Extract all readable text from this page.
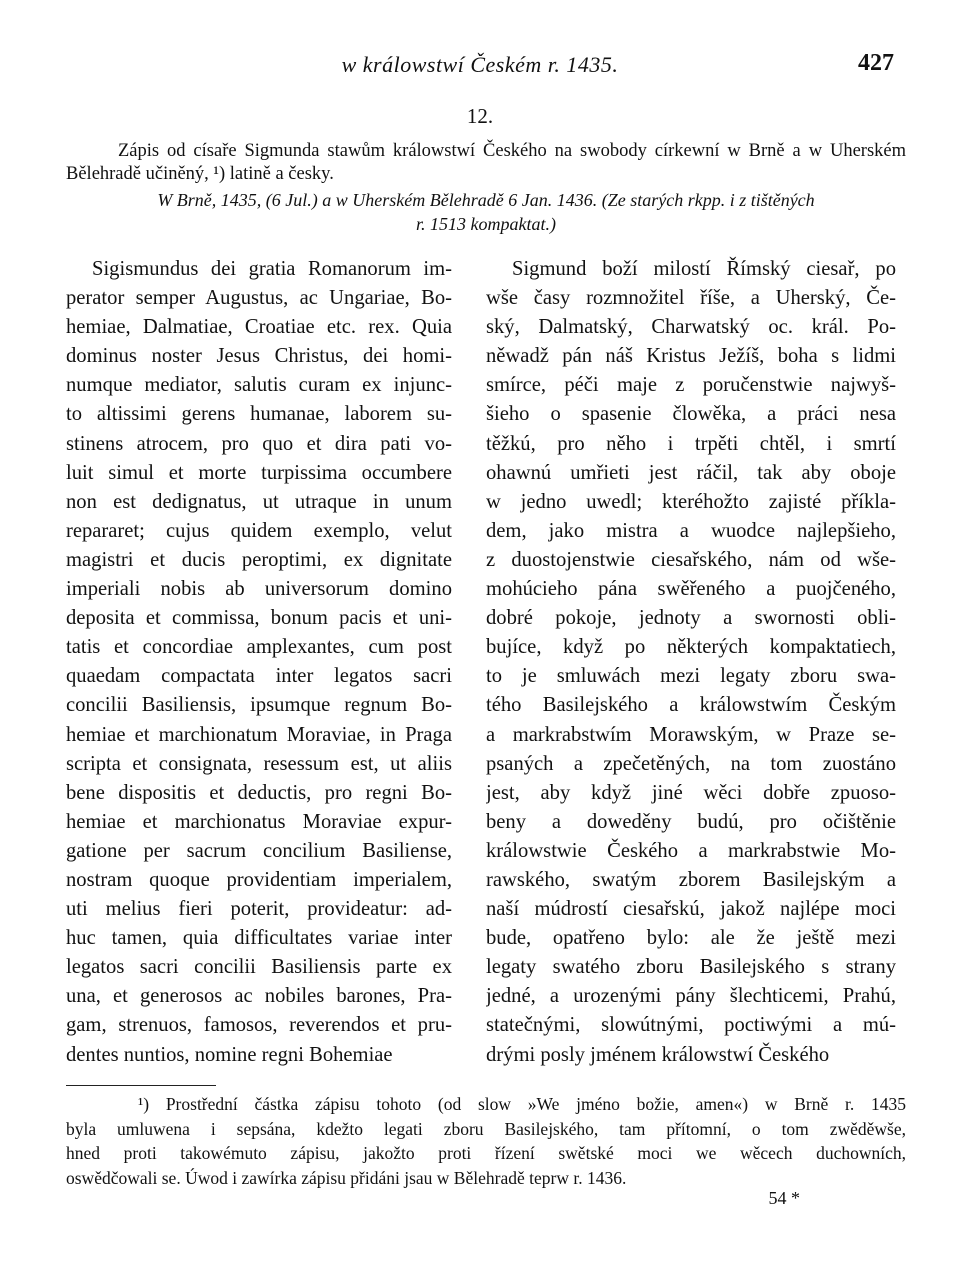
w králowstwí Českém r. 1435.	427
12.

Zápis od císaře Sigmunda stawům králowstwí Českého na swobody církewní w Brně a w Uherském Bělehradě učiněný, ¹) latině a česky.

W Brně, 1435, (6 Jul.) a w Uherském Bělehradě 6 Jan. 1436. (Ze starých rkpp. i z tištěných
r. 1513 kompaktat.)

Sigismundus dei gratia Romanorum im-
perator semper Augustus, ac Ungariae, Bo-
hemiae, Dalmatiae, Croatiae etc. rex. Quia
dominus noster Jesus Christus, dei homi-
numque mediator, salutis curam ex injunc-
to altissimi gerens humanae, laborem su-
stinens atrocem, pro quo et dira pati vo-
luit simul et morte turpissima occumbere
non est dedignatus, ut utraque in unum
repararet; cujus quidem exemplo, velut
magistri et ducis peroptimi, ex dignitate
imperiali nobis ab universorum domino
deposita et commissa, bonum pacis et uni-
tatis et concordiae amplexantes, cum post
quaedam compactata inter legatos sacri
concilii Basiliensis, ipsumque regnum Bo-
hemiae et marchionatum Moraviae, in Praga
scripta et consignata, resessum est, ut aliis
bene dispositis et deductis, pro regni Bo-
hemiae et marchionatus Moraviae expur-
gatione per sacrum concilium Basiliense,
nostram quoque providentiam imperialem,
uti melius fieri poterit, provideatur: ad-
huc tamen, quia difficultates variae inter
legatos sacri concilii Basiliensis parte ex
una, et generosos ac nobiles barones, Pra-
gam, strenuos, famosos, reverendos et pru-
dentes nuntios, nomine regni Bohemiae
Sigmund boží milostí Římský ciesař, po
wše časy rozmnožitel říše, a Uherský, Če-
ský, Dalmatský, Charwatský oc. král. Po-
něwadž pán náš Kristus Ježíš, boha s lidmi
smírce, péči maje z poručenstwie najwyš-
šieho o spasenie člowěka, a práci nesa
těžkú, pro něho i trpěti chtěl, i smrtí
ohawnú umřieti jest ráčil, tak aby oboje
w jedno uwedl; kteréhožto zajisté příkla-
dem, jako mistra a wuodce najlepšieho,
z duostojenstwie ciesařského, nám od wše-
mohúcieho pána swěřeného a puojčeného,
dobré pokoje, jednoty a swornosti obli-
bujíce, když po některých kompaktatiech,
to je smluwách mezi legaty zboru swa-
tého Basilejského a králowstwím Českým
a markrabstwím Morawským, w Praze se-
psaných a zpečetěných, na tom zuostáno
jest, aby když jiné wěci dobře zpuoso-
beny a doweděny budú, pro očištěnie
králowstwie Českého a markrabstwie Mo-
rawského, swatým zborem Basilejským a
naší múdrostí ciesařskú, jakož najlépe moci
bude, opatřeno bylo: ale že ještě mezi
legaty swatého zboru Basilejského s strany
jedné, a urozenými pány šlechticemi, Prahú,
statečnými, slowútnými, poctiwými a mú-
drými posly jménem králowstwí Českého
¹) Prostřední částka zápisu tohoto (od slow »We jméno božie, amen«) w Brně r. 1435
byla umluwena i sepsána, kdežto legati zboru Basilejského, tam přítomní, o tom zwěděwše,
hned proti takowémuto zápisu, jakožto proti řízení swětské moci we wěcech duchowních,
oswědčowali se. Úwod i zawírka zápisu přidáni jsau w Bělehradě teprw r. 1436.
54 *
